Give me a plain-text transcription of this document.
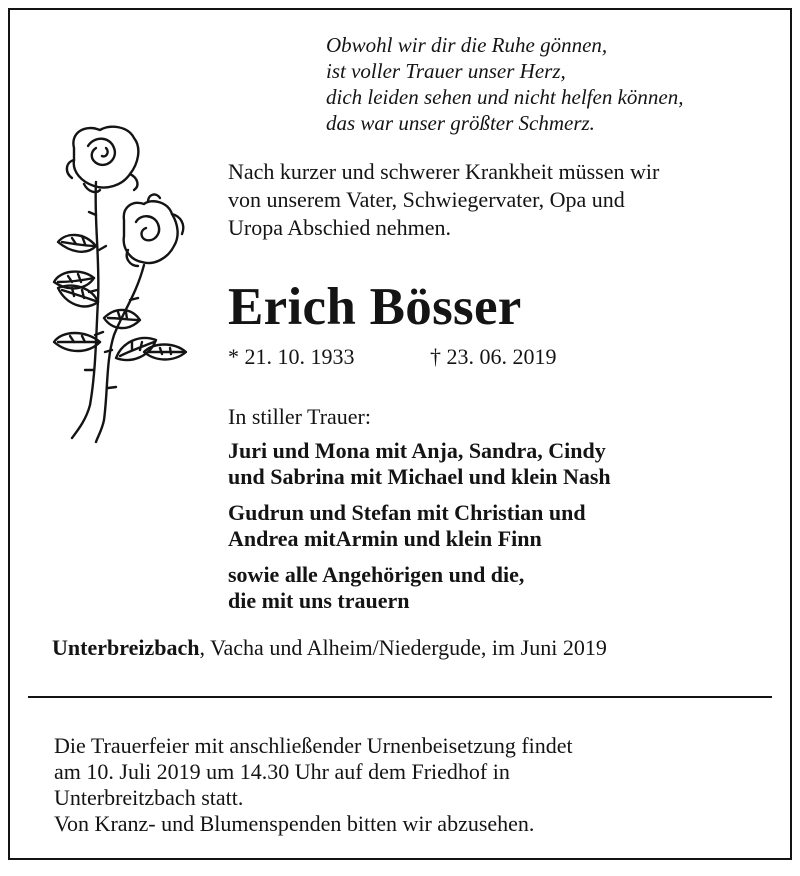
Obwohl wir dir die Ruhe gönnen,
ist voller Trauer unser Herz,
dich leiden sehen und nicht helfen können,
das war unser größter Schmerz.
Nach kurzer und schwerer Krankheit müssen wir
von unserem Vater, Schwiegervater, Opa und
Uropa Abschied nehmen.
Erich Bösser
* 21. 10. 1933	† 23. 06. 2019
In stiller Trauer:
Juri und Mona mit Anja, Sandra, Cindy
und Sabrina mit Michael und klein Nash
Gudrun und Stefan mit Christian und
Andrea mitArmin und klein Finn
sowie alle Angehörigen und die,
die mit uns trauern
Unterbreizbach, Vacha und Alheim/Niedergude, im Juni 2019
Die Trauerfeier mit anschließender Urnenbeisetzung findet
am 10. Juli 2019 um 14.30 Uhr auf dem Friedhof in
Unterbreitzbach statt.
Von Kranz- und Blumenspenden bitten wir abzusehen.
